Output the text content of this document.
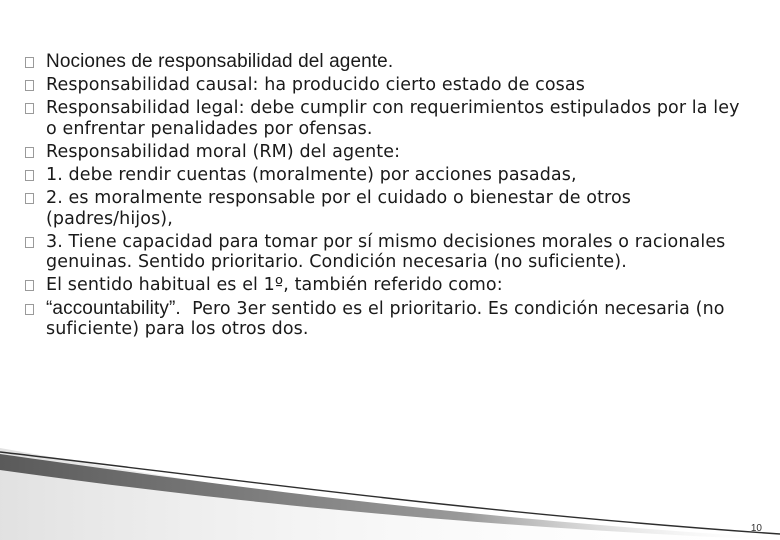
Nociones de responsabilidad del agente.
Responsabilidad causal: ha producido cierto estado de cosas
Responsabilidad legal: debe cumplir con requerimientos estipulados por la ley o enfrentar penalidades por ofensas.
Responsabilidad moral (RM) del agente:
1. debe rendir cuentas (moralmente) por acciones pasadas,
2. es moralmente responsable por el cuidado o bienestar de otros (padres/hijos),
3. Tiene capacidad para tomar por sí mismo decisiones morales o racionales genuinas. Sentido prioritario. Condición necesaria (no suficiente).
El sentido habitual es el 1º, también referido como:
“accountability”.  Pero 3er sentido es el prioritario. Es condición necesaria (no suficiente) para los otros dos.
10
